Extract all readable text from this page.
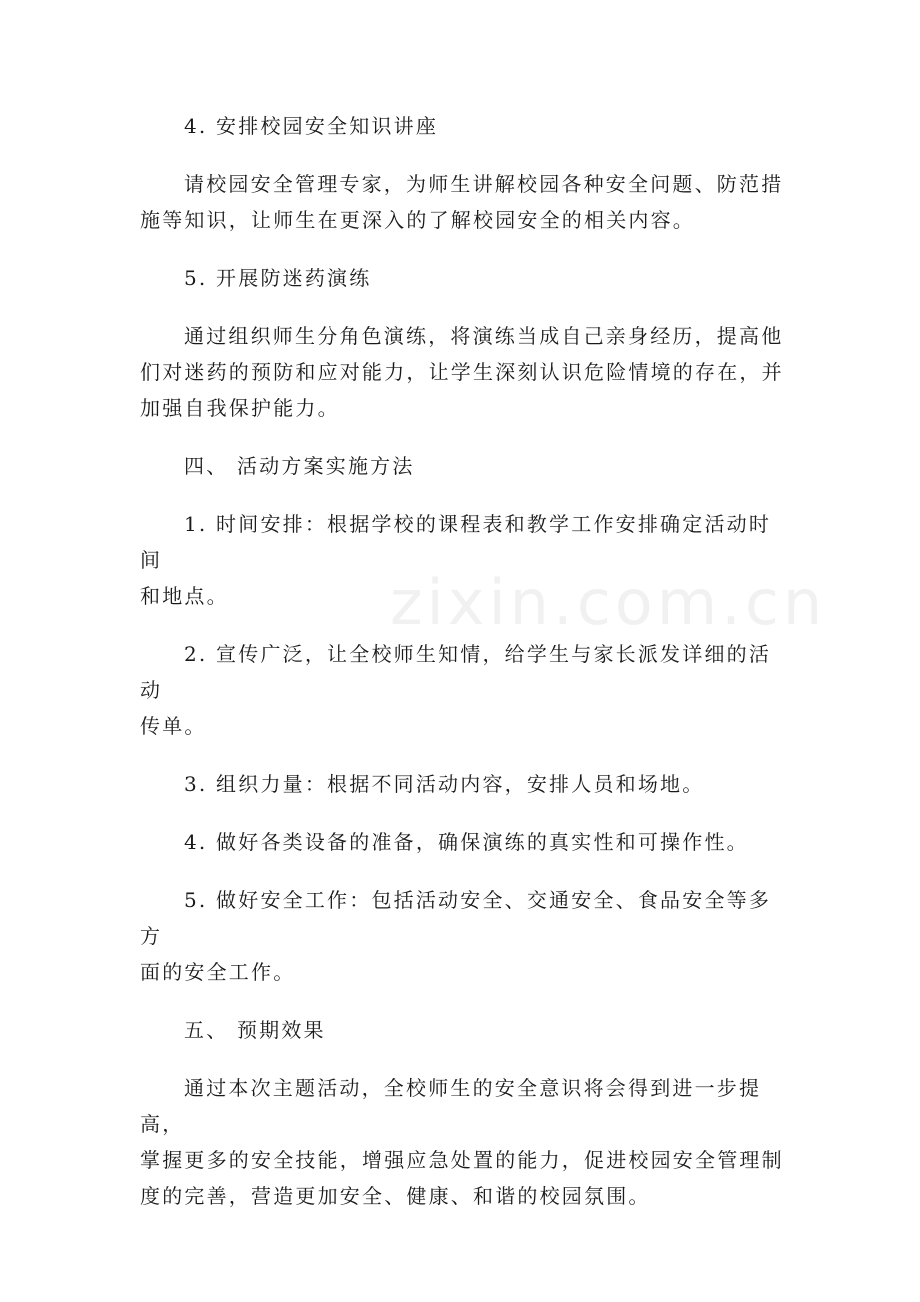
4. 安排校园安全知识讲座

请校园安全管理专家，为师生讲解校园各种安全问题、防范措
施等知识，让师生在更深入的了解校园安全的相关内容。

5. 开展防迷药演练

通过组织师生分角色演练，将演练当成自己亲身经历，提高他
们对迷药的预防和应对能力，让学生深刻认识危险情境的存在，并
加强自我保护能力。

四、 活动方案实施方法

1. 时间安排：根据学校的课程表和教学工作安排确定活动时间
和地点。

2. 宣传广泛，让全校师生知情，给学生与家长派发详细的活动
传单。

3. 组织力量：根据不同活动内容，安排人员和场地。

4. 做好各类设备的准备，确保演练的真实性和可操作性。

5. 做好安全工作：包括活动安全、交通安全、食品安全等多方
面的安全工作。

五、 预期效果

通过本次主题活动，全校师生的安全意识将会得到进一步提高，
掌握更多的安全技能，增强应急处置的能力，促进校园安全管理制
度的完善，营造更加安全、健康、和谐的校园氛围。

zixin.com.cn
